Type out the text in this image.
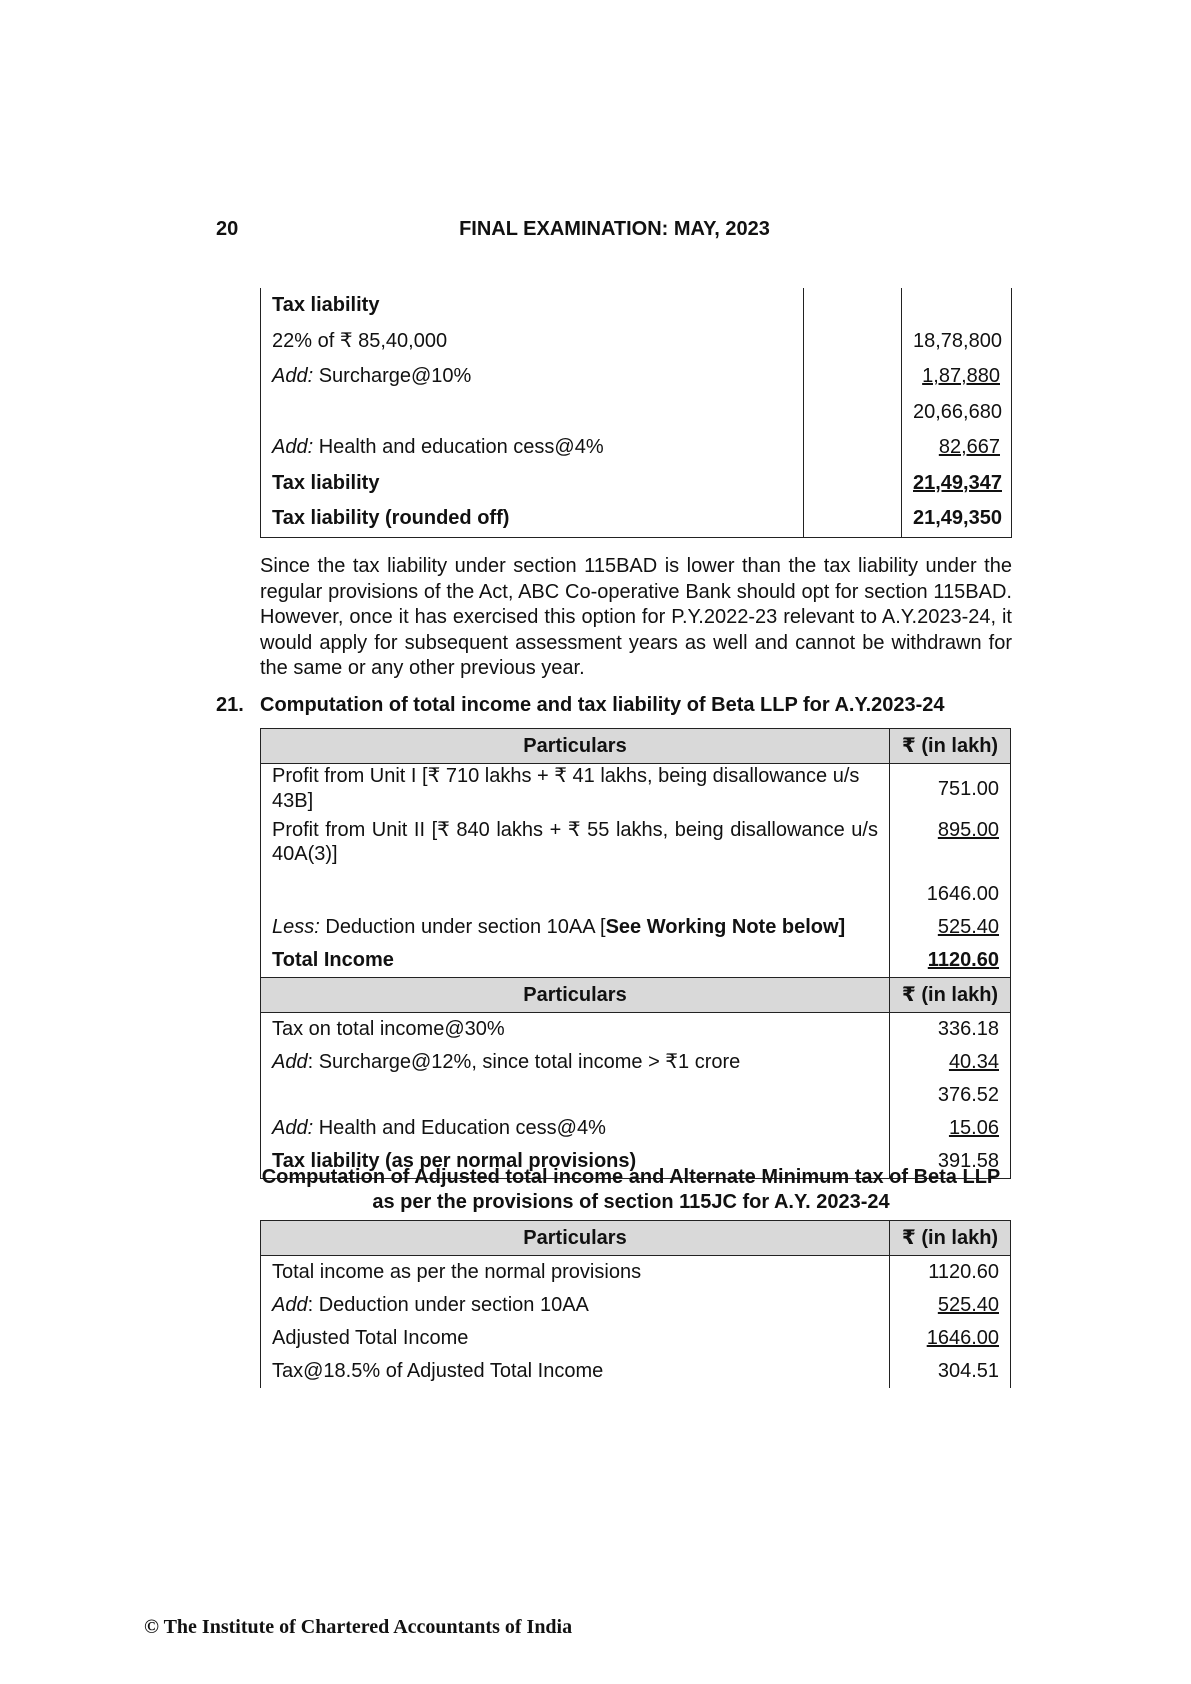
20	FINAL EXAMINATION: MAY, 2023
Tax liability		
22% of ₹ 85,40,000		18,78,800
Add: Surcharge@10%		1,87,880
		20,66,680
Add: Health and education cess@4%		82,667
Tax liability		21,49,347
Tax liability (rounded off)		21,49,350
Since the tax liability under section 115BAD is lower than the tax liability under the regular provisions of the Act, ABC Co-operative Bank should opt for section 115BAD. However, once it has exercised this option for P.Y.2022-23 relevant to A.Y.2023-24, it would apply for subsequent assessment years as well and cannot be withdrawn for the same or any other previous year.
21. Computation of total income and tax liability of Beta LLP for A.Y.2023-24
Particulars	₹ (in lakh)
Profit from Unit I [₹ 710 lakhs + ₹ 41 lakhs, being disallowance u/s 43B]	751.00
Profit from Unit II [₹ 840 lakhs + ₹ 55 lakhs, being disallowance u/s 40A(3)]	895.00
	1646.00
Less: Deduction under section 10AA [See Working Note below]	525.40
Total Income	1120.60
Particulars	₹ (in lakh)
Tax on total income@30%	336.18
Add: Surcharge@12%, since total income > ₹1 crore	40.34
	376.52
Add: Health and Education cess@4%	15.06
Tax liability (as per normal provisions)	391.58
Computation of Adjusted total income and Alternate Minimum tax of Beta LLP
as per the provisions of section 115JC for A.Y. 2023-24
Particulars	₹ (in lakh)
Total income as per the normal provisions	1120.60
Add: Deduction under section 10AA	525.40
Adjusted Total Income	1646.00
Tax@18.5% of Adjusted Total Income	304.51
© The Institute of Chartered Accountants of India
